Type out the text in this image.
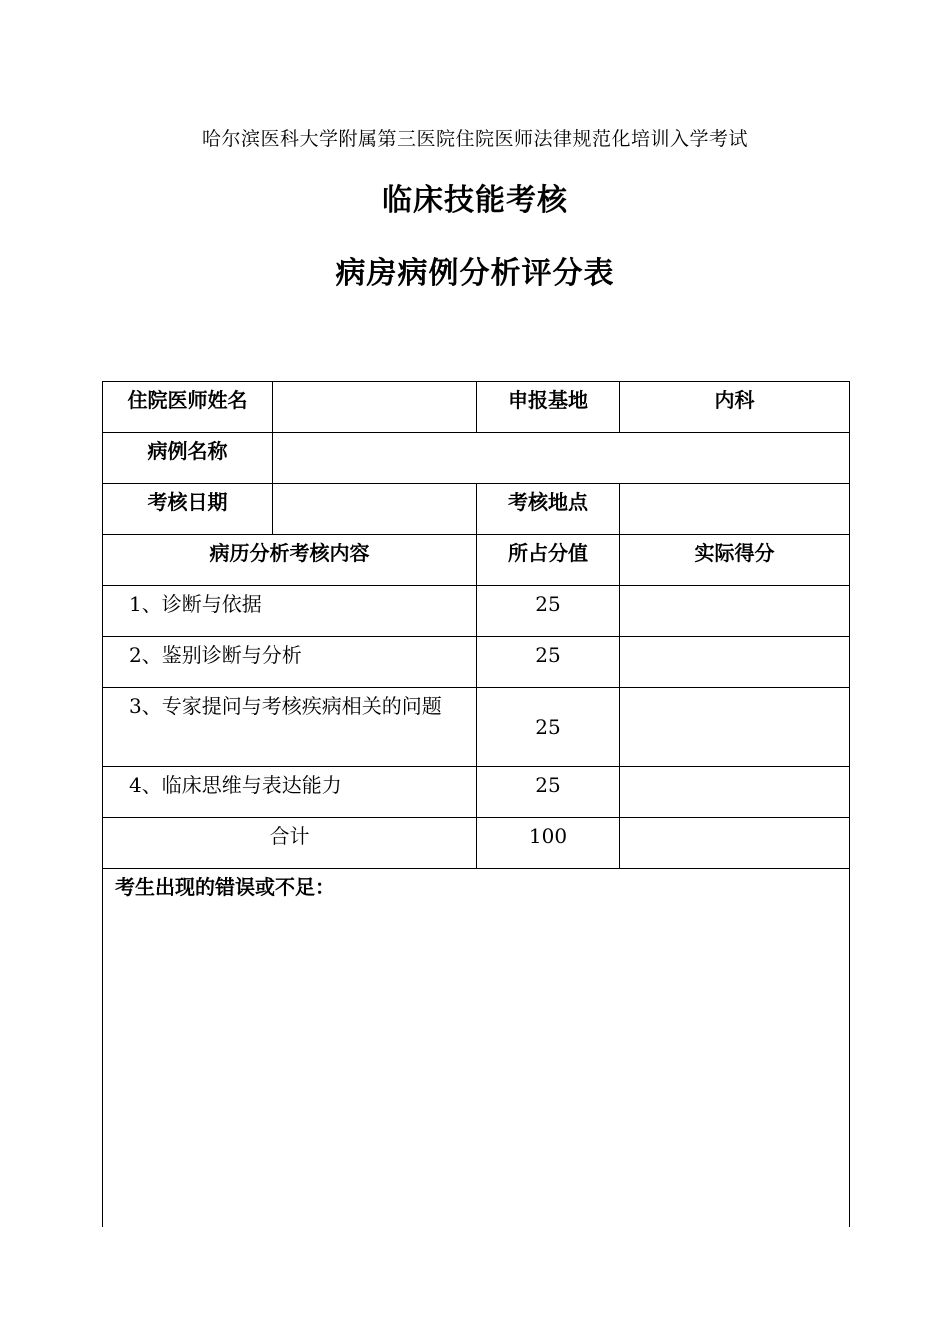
哈尔滨医科大学附属第三医院住院医师法律规范化培训入学考试
临床技能考核
病房病例分析评分表
住院医师姓名		申报基地	内科
病例名称			
考核日期		考核地点	
病历分析考核内容		所占分值	实际得分
1、诊断与依据		25	
2、鉴别诊断与分析		25	
3、专家提问与考核疾病相关的问题		25	
4、临床思维与表达能力		25	
合计		100	

考生出现的错误或不足：			
